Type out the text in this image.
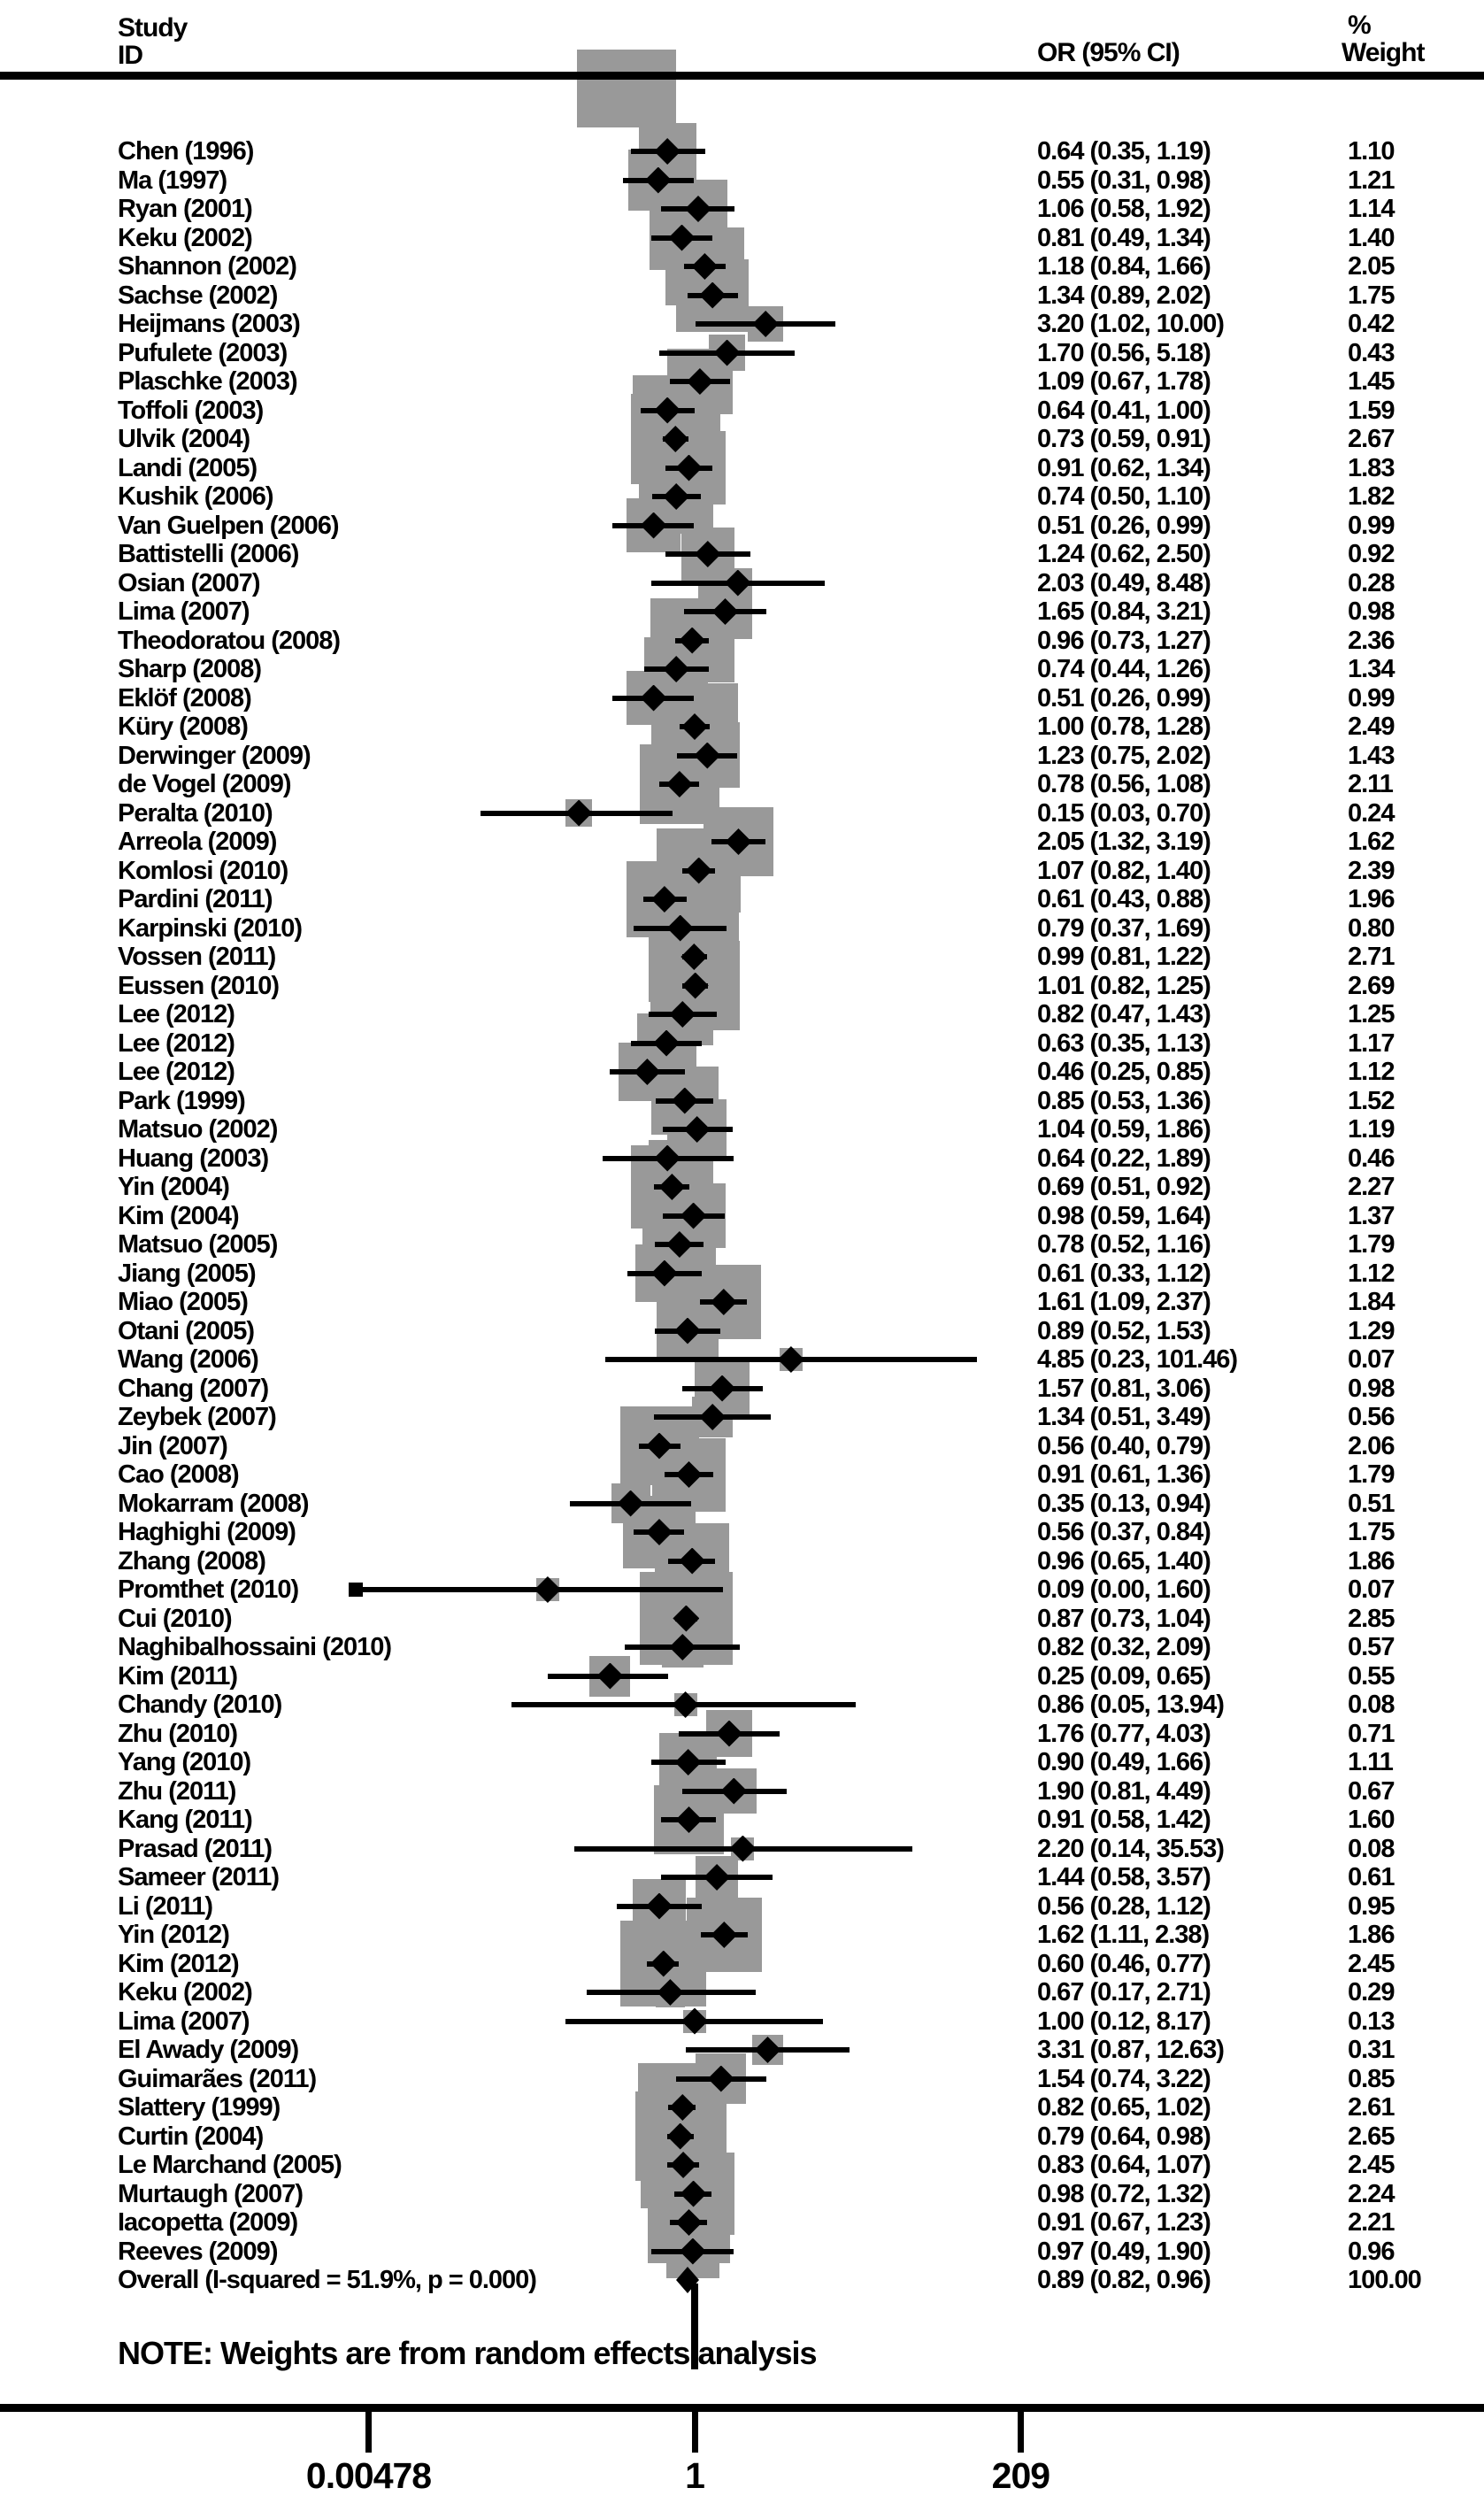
Study
ID	OR (95% CI)
%
Weight
Chen (1996)	0.64 (0.35, 1.19)	1.10
Ma (1997)	0.55 (0.31, 0.98)	1.21
Ryan (2001)	1.06 (0.58, 1.92)	1.14
Keku (2002)	0.81 (0.49, 1.34)	1.40
Shannon (2002)	1.18 (0.84, 1.66)	2.05
Sachse (2002)	1.34 (0.89, 2.02)	1.75
Heijmans (2003)	3.20 (1.02, 10.00)	0.42
Pufulete (2003)	1.70 (0.56, 5.18)	0.43
Plaschke (2003)	1.09 (0.67, 1.78)	1.45
Toffoli (2003)	0.64 (0.41, 1.00)	1.59
Ulvik (2004)	0.73 (0.59, 0.91)	2.67
Landi (2005)	0.91 (0.62, 1.34)	1.83
Kushik (2006)	0.74 (0.50, 1.10)	1.82
Van Guelpen (2006)	0.51 (0.26, 0.99)	0.99
Battistelli (2006)	1.24 (0.62, 2.50)	0.92
Osian (2007)	2.03 (0.49, 8.48)	0.28
Lima (2007)	1.65 (0.84, 3.21)	0.98
Theodoratou (2008)	0.96 (0.73, 1.27)	2.36
Sharp (2008)	0.74 (0.44, 1.26)	1.34
Eklöf (2008)	0.51 (0.26, 0.99)	0.99
Küry (2008)	1.00 (0.78, 1.28)	2.49
Derwinger (2009)	1.23 (0.75, 2.02)	1.43
de Vogel (2009)	0.78 (0.56, 1.08)	2.11
Peralta (2010)	0.15 (0.03, 0.70)	0.24
Arreola (2009)	2.05 (1.32, 3.19)	1.62
Komlosi (2010)	1.07 (0.82, 1.40)	2.39
Pardini (2011)	0.61 (0.43, 0.88)	1.96
Karpinski (2010)	0.79 (0.37, 1.69)	0.80
Vossen (2011)	0.99 (0.81, 1.22)	2.71
Eussen (2010)	1.01 (0.82, 1.25)	2.69
Lee (2012)	0.82 (0.47, 1.43)	1.25
Lee (2012)	0.63 (0.35, 1.13)	1.17
Lee (2012)	0.46 (0.25, 0.85)	1.12
Park (1999)	0.85 (0.53, 1.36)	1.52
Matsuo (2002)	1.04 (0.59, 1.86)	1.19
Huang (2003)	0.64 (0.22, 1.89)	0.46
Yin (2004)	0.69 (0.51, 0.92)	2.27
Kim (2004)	0.98 (0.59, 1.64)	1.37
Matsuo (2005)	0.78 (0.52, 1.16)	1.79
Jiang (2005)	0.61 (0.33, 1.12)	1.12
Miao (2005)	1.61 (1.09, 2.37)	1.84
Otani (2005)	0.89 (0.52, 1.53)	1.29
Wang (2006)	4.85 (0.23, 101.46)	0.07
Chang (2007)	1.57 (0.81, 3.06)	0.98
Zeybek (2007)	1.34 (0.51, 3.49)	0.56
Jin (2007)	0.56 (0.40, 0.79)	2.06
Cao (2008)	0.91 (0.61, 1.36)	1.79
Mokarram (2008)	0.35 (0.13, 0.94)	0.51
Haghighi (2009)	0.56 (0.37, 0.84)	1.75
Zhang (2008)	0.96 (0.65, 1.40)	1.86
Promthet (2010)	0.09 (0.00, 1.60)	0.07
Cui (2010)	0.87 (0.73, 1.04)	2.85
Naghibalhossaini (2010)	0.82 (0.32, 2.09)	0.57
Kim (2011)	0.25 (0.09, 0.65)	0.55
Chandy (2010)	0.86 (0.05, 13.94)	0.08
Zhu (2010)	1.76 (0.77, 4.03)	0.71
Yang (2010)	0.90 (0.49, 1.66)	1.11
Zhu (2011)	1.90 (0.81, 4.49)	0.67
Kang (2011)	0.91 (0.58, 1.42)	1.60
Prasad (2011)	2.20 (0.14, 35.53)	0.08
Sameer (2011)	1.44 (0.58, 3.57)	0.61
Li (2011)	0.56 (0.28, 1.12)	0.95
Yin (2012)	1.62 (1.11, 2.38)	1.86
Kim (2012)	0.60 (0.46, 0.77)	2.45
Keku (2002)	0.67 (0.17, 2.71)	0.29
Lima (2007)	1.00 (0.12, 8.17)	0.13
El Awady (2009)	3.31 (0.87, 12.63)	0.31
Guimarães (2011)	1.54 (0.74, 3.22)	0.85
Slattery (1999)	0.82 (0.65, 1.02)	2.61
Curtin (2004)	0.79 (0.64, 0.98)	2.65
Le Marchand (2005)	0.83 (0.64, 1.07)	2.45
Murtaugh (2007)	0.98 (0.72, 1.32)	2.24
Iacopetta (2009)	0.91 (0.67, 1.23)	2.21
Reeves (2009)	0.97 (0.49, 1.90)	0.96
Overall (I-squared = 51.9%, p = 0.000)	0.89 (0.82, 0.96)	100.00
NOTE: Weights are from random effects analysis
0.00478	1	209
